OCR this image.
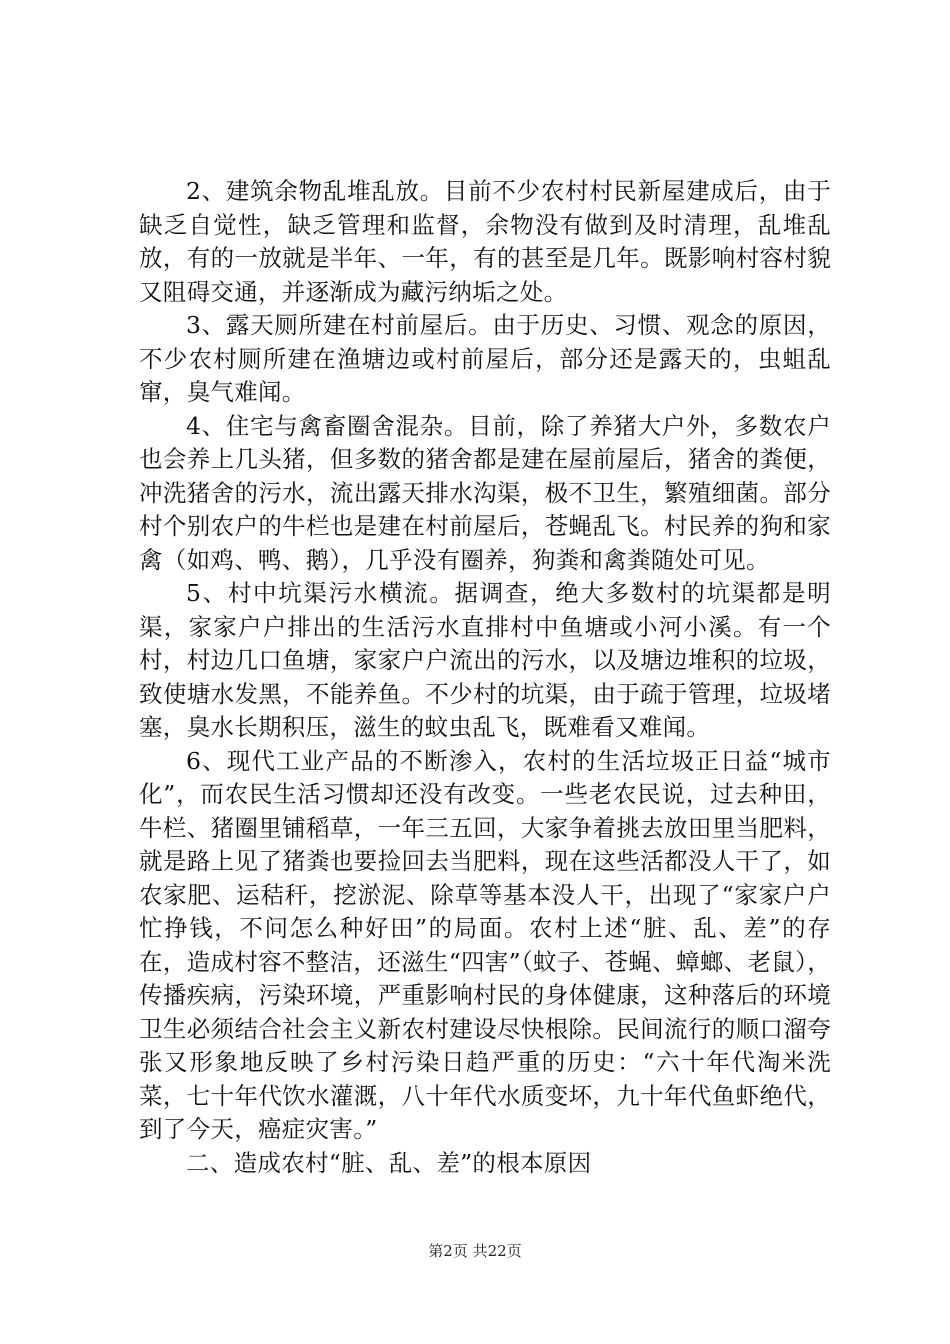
2、建筑余物乱堆乱放。目前不少农村村民新屋建成后，由于缺乏自觉性，缺乏管理和监督，余物没有做到及时清理，乱堆乱放，有的一放就是半年、一年，有的甚至是几年。既影响村容村貌又阻碍交通，并逐渐成为藏污纳垢之处。

3、露天厕所建在村前屋后。由于历史、习惯、观念的原因，不少农村厕所建在渔塘边或村前屋后，部分还是露天的，虫蛆乱窜，臭气难闻。

4、住宅与禽畜圈舍混杂。目前，除了养猪大户外，多数农户也会养上几头猪，但多数的猪舍都是建在屋前屋后，猪舍的粪便，冲洗猪舍的污水，流出露天排水沟渠，极不卫生，繁殖细菌。部分村个别农户的牛栏也是建在村前屋后，苍蝇乱飞。村民养的狗和家禽（如鸡、鸭、鹅），几乎没有圈养，狗粪和禽粪随处可见。

5、村中坑渠污水横流。据调查，绝大多数村的坑渠都是明渠，家家户户排出的生活污水直排村中鱼塘或小河小溪。有一个村，村边几口鱼塘，家家户户流出的污水，以及塘边堆积的垃圾，致使塘水发黑，不能养鱼。不少村的坑渠，由于疏于管理，垃圾堵塞，臭水长期积压，滋生的蚊虫乱飞，既难看又难闻。

6、现代工业产品的不断渗入，农村的生活垃圾正日益“城市化”，而农民生活习惯却还没有改变。一些老农民说，过去种田，牛栏、猪圈里铺稻草，一年三五回，大家争着挑去放田里当肥料，就是路上见了猪粪也要捡回去当肥料，现在这些活都没人干了，如农家肥、运秸秆，挖淤泥、除草等基本没人干，出现了“家家户户忙挣钱，不问怎么种好田”的局面。农村上述“脏、乱、差”的存在，造成村容不整洁，还滋生“四害”（蚊子、苍蝇、蟑螂、老鼠），传播疾病，污染环境，严重影响村民的身体健康，这种落后的环境卫生必须结合社会主义新农村建设尽快根除。民间流行的顺口溜夸张又形象地反映了乡村污染日趋严重的历史：“六十年代淘米洗菜，七十年代饮水灌溉，八十年代水质变坏，九十年代鱼虾绝代，到了今天，癌症灾害。”

二、造成农村“脏、乱、差”的根本原因

第2页 共22页
